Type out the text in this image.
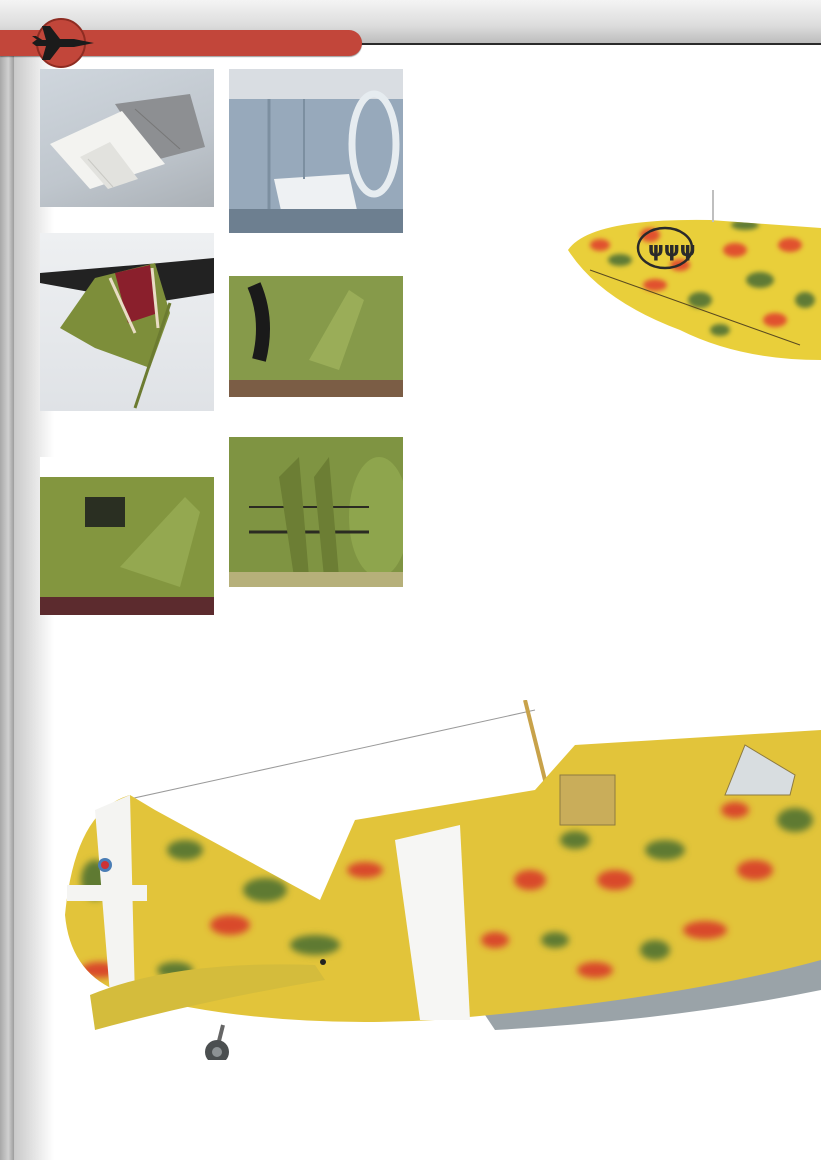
ψψψ
